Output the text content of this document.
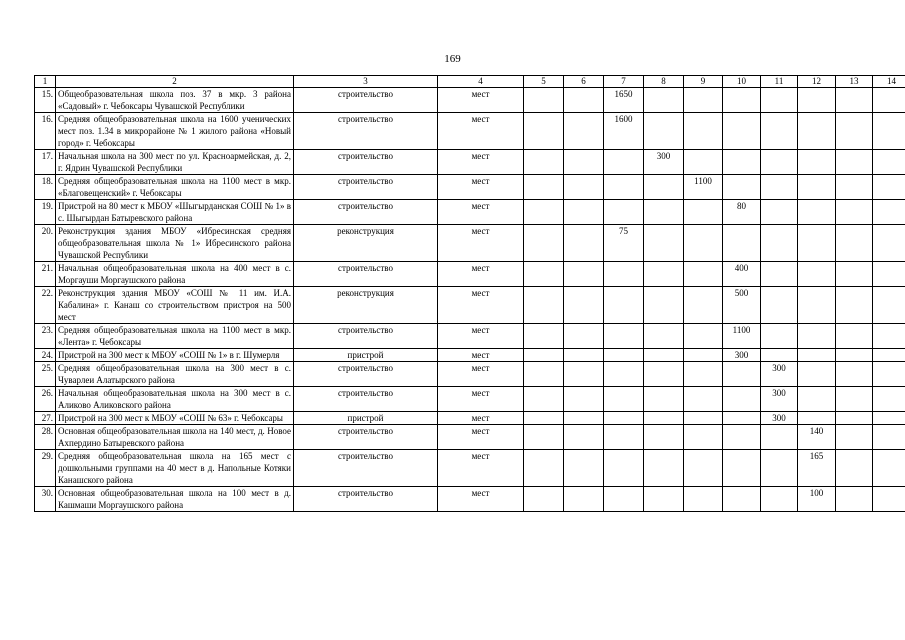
169
1	2	3	4	5	6	7	8	9	10	11	12	13	14
15.	Общеобразовательная школа поз. 37 в мкр. 3 района «Садовый» г. Чебоксары Чувашской Республики	строительство	мест			1650							
16.	Средняя общеобразовательная школа на 1600 ученических мест поз. 1.34 в микрорайоне № 1 жилого района «Новый город» г. Чебоксары	строительство	мест			1600							
17.	Начальная школа на 300 мест по ул. Красноармейская, д. 2, г. Ядрин Чувашской Республики	строительство	мест				300						
18.	Средняя общеобразовательная школа на 1100 мест в мкр. «Благовещенский» г. Чебоксары	строительство	мест					1100					
19.	Пристрой на 80 мест к МБОУ «Шыгырданская СОШ № 1» в с. Шыгырдан Батыревского района	строительство	мест						80				
20.	Реконструкция здания МБОУ «Ибресинская средняя общеобразовательная школа № 1» Ибресинского района Чувашской Республики	реконструкция	мест			75							
21.	Начальная общеобразовательная школа на 400 мест в с. Моргауши Моргаушского района	строительство	мест						400				
22.	Реконструкция здания МБОУ «СОШ № 11 им. И.А. Кабалина» г. Канаш со строительством пристроя на 500 мест	реконструкция	мест						500				
23.	Средняя общеобразовательная школа на 1100 мест в мкр. «Лента» г. Чебоксары	строительство	мест						1100				
24.	Пристрой на 300 мест к МБОУ «СОШ № 1» в г. Шумерля	пристрой	мест						300				
25.	Средняя общеобразовательная школа на 300 мест в с. Чуварлеи Алатырского района	строительство	мест							300			
26.	Начальная общеобразовательная школа на 300 мест в с. Аликово Аликовского района	строительство	мест							300			
27.	Пристрой на 300 мест к МБОУ «СОШ № 63» г. Чебоксары	пристрой	мест							300			
28.	Основная общеобразовательная школа на 140 мест, д. Новое Ахпердино Батыревского района	строительство	мест								140		
29.	Средняя общеобразовательная школа на 165 мест с дошкольными группами на 40 мест в д. Напольные Котяки Канашского района	строительство	мест								165		
30.	Основная общеобразовательная школа на 100 мест в д. Кашмаши Моргаушского района	строительство	мест								100		
